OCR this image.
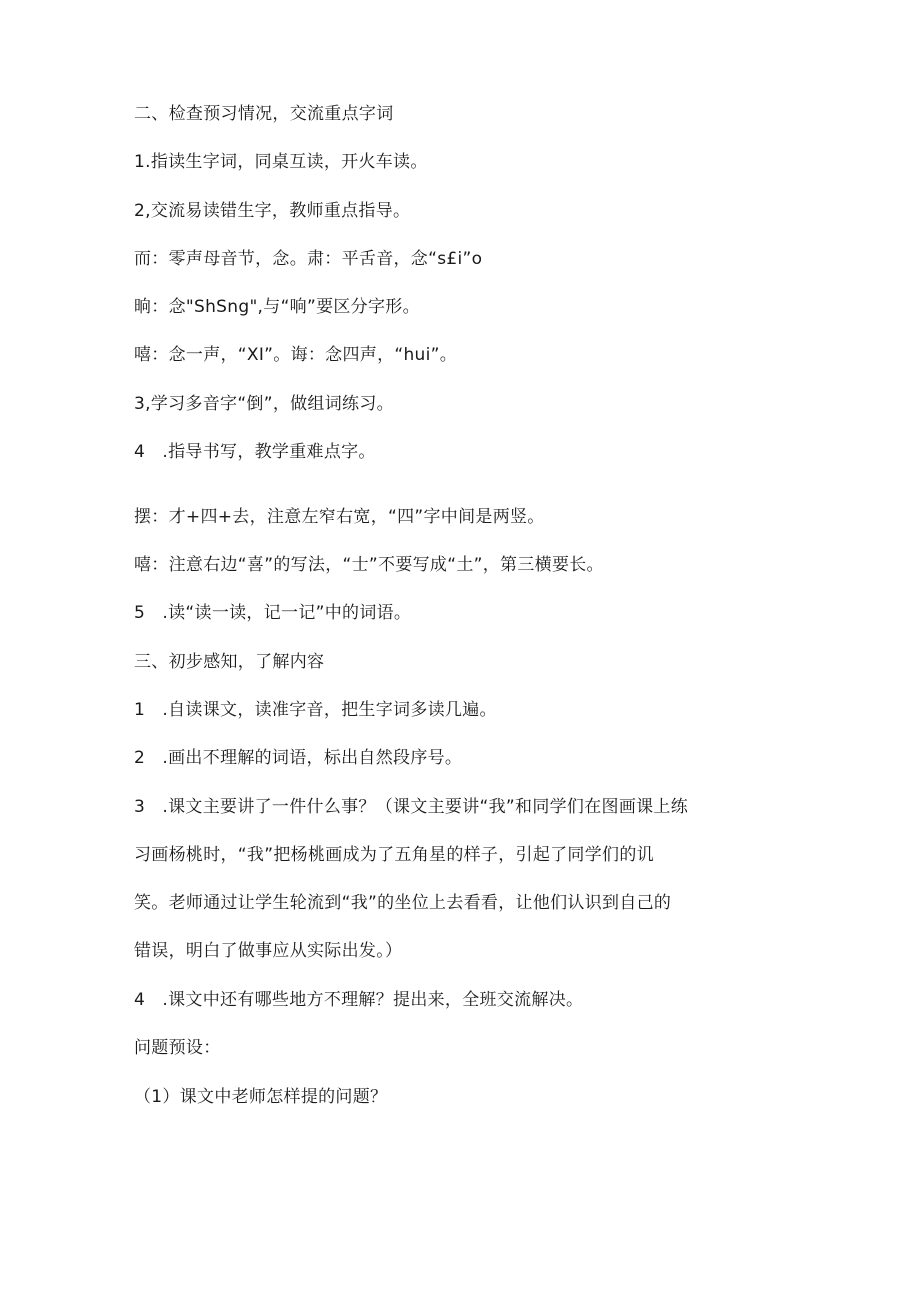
二、检查预习情况，交流重点字词
1.指读生字词，同桌互读，开火车读。
2,交流易读错生字，教师重点指导。
而：零声母音节，念。肃：平舌音，念“s£i”o
晌：念"ShSng",与“响”要区分字形。
嘻：念一声，“XI”。诲：念四声，“hui”。
3,学习多音字“倒”，做组词练习。
4　.指导书写，教学重难点字。
摆：才+四+去，注意左窄右宽，“四”字中间是两竖。
嘻：注意右边“喜”的写法，“士”不要写成“土”，第三横要长。
5　.读“读一读，记一记”中的词语。
三、初步感知，了解内容
1　.自读课文，读准字音，把生字词多读几遍。
2　.画出不理解的词语，标出自然段序号。
3　.课文主要讲了一件什么事？（课文主要讲“我”和同学们在图画课上练
习画杨桃时，“我”把杨桃画成为了五角星的样子，引起了同学们的讥
笑。老师通过让学生轮流到“我”的坐位上去看看，让他们认识到自己的
错误，明白了做事应从实际出发。）
4　.课文中还有哪些地方不理解？提出来，全班交流解决。
问题预设：
（1）课文中老师怎样提的问题？
